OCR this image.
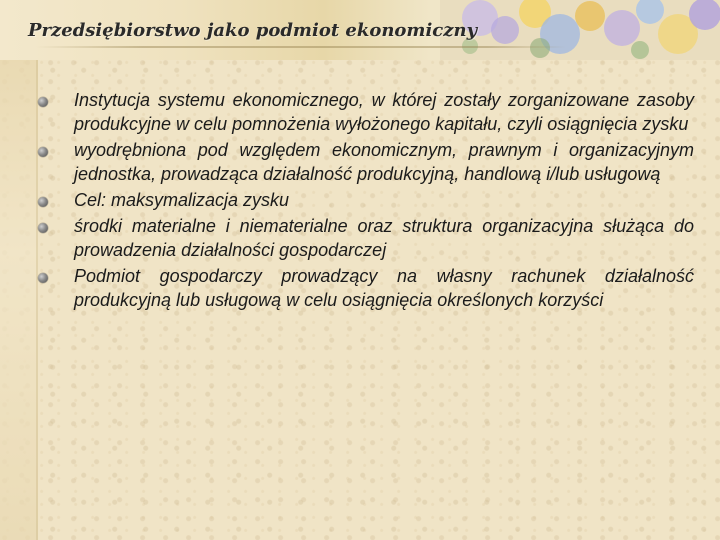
Przedsiębiorstwo jako podmiot ekonomiczny
Instytucja systemu ekonomicznego, w której zostały zorganizowane zasoby produkcyjne w celu pomnożenia wyłożonego kapitału, czyli osiągnięcia zysku
wyodrębniona pod względem ekonomicznym, prawnym i organizacyjnym jednostka, prowadząca działalność produkcyjną, handlową i/lub usługową
Cel: maksymalizacja zysku
środki materialne i niematerialne oraz struktura organizacyjna służąca do prowadzenia działalności gospodarczej
Podmiot gospodarczy prowadzący na własny rachunek działalność produkcyjną lub usługową w celu osiągnięcia określonych korzyści
